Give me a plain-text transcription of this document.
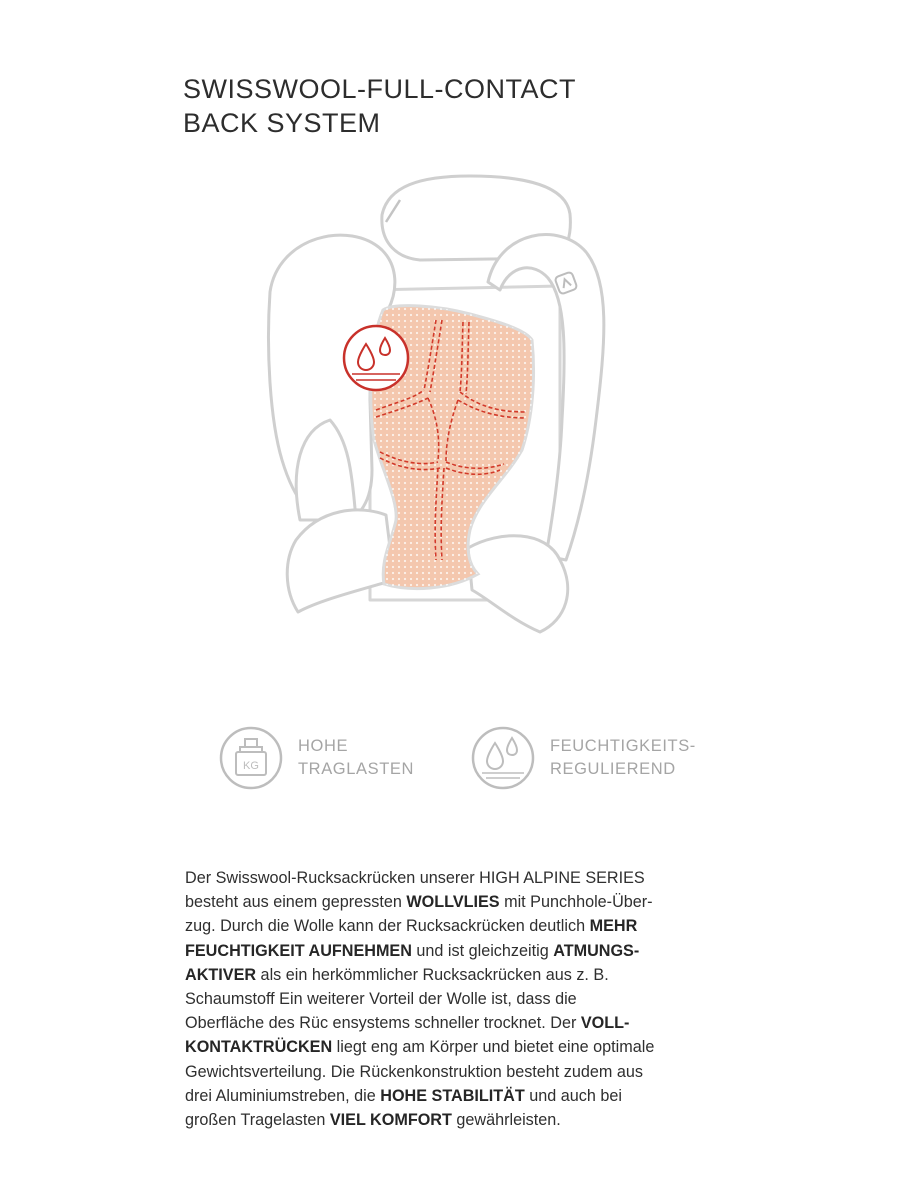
SWISSWOOL-FULL-CONTACT
BACK SYSTEM
KG
HOHE
TRAGLASTEN
FEUCHTIGKEITS-
REGULIEREND

Der Swisswool-Rucksackrücken unserer HIGH ALPINE SERIES
besteht aus einem gepressten WOLLVLIES mit Punchhole-Über-
zug. Durch die Wolle kann der Rucksackrücken deutlich MEHR
FEUCHTIGKEIT AUFNEHMEN und ist gleichzeitig ATMUNGS-
AKTIVER als ein herkömmlicher Rucksackrücken aus z. B.
Schaumstoff Ein weiterer Vorteil der Wolle ist, dass die
Oberfläche des Rüc ensystems schneller trocknet. Der VOLL-
KONTAKTRÜCKEN liegt eng am Körper und bietet eine optimale
Gewichtsverteilung. Die Rückenkonstruktion besteht zudem aus
drei Aluminiumstreben, die HOHE STABILITÄT und auch bei
großen Tragelasten VIEL KOMFORT gewährleisten.
